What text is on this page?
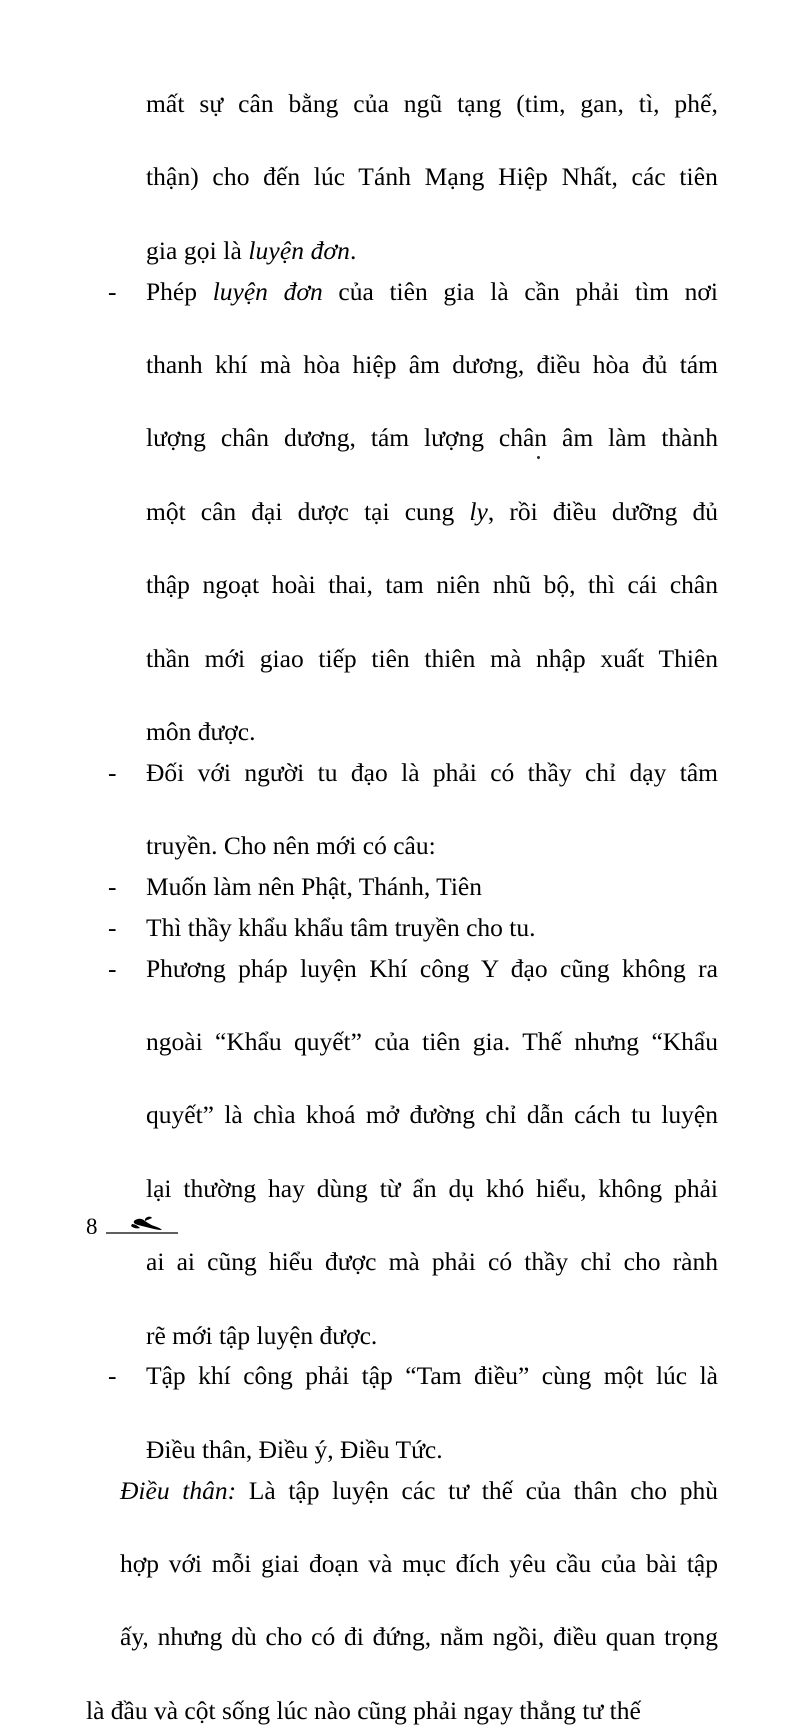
mất sự cân bằng của ngũ tạng (tim, gan, tì, phế,
thận) cho đến lúc Tánh Mạng Hiệp Nhất, các tiên
gia gọi là luyện đơn.
- Phép luyện đơn của tiên gia là cần phải tìm nơi
thanh khí mà hòa hiệp âm dương, điều hòa đủ tám
lượng chân dương, tám lượng chân âm làm thành
một cân đại dược tại cung ly, rồi điều dưỡng đủ
thập ngoạt hoài thai, tam niên nhũ bộ, thì cái chân
thần mới giao tiếp tiên thiên mà nhập xuất Thiên
môn được.
- Đối với người tu đạo là phải có thầy chỉ dạy tâm
truyền. Cho nên mới có câu:
- Muốn làm nên Phật, Thánh, Tiên
- Thì thầy khẩu khẩu tâm truyền cho tu.
- Phương pháp luyện Khí công Y đạo cũng không ra
ngoài “Khẩu quyết” của tiên gia. Thế nhưng “Khẩu
quyết” là chìa khoá mở đường chỉ dẫn cách tu luyện
lại thường hay dùng từ ẩn dụ khó hiểu, không phải
ai ai cũng hiểu được mà phải có thầy chỉ cho rành
rẽ mới tập luyện được.
- Tập khí công phải tập “Tam điều” cùng một lúc là
Điều thân, Điều ý, Điều Tức.
Điều thân: Là tập luyện các tư thế của thân cho phù
hợp với mỗi giai đoạn và mục đích yêu cầu của bài tập
ấy, nhưng dù cho có đi đứng, nằm ngồi, điều quan trọng
là đầu và cột sống lúc nào cũng phải ngay thẳng tư thế
8
